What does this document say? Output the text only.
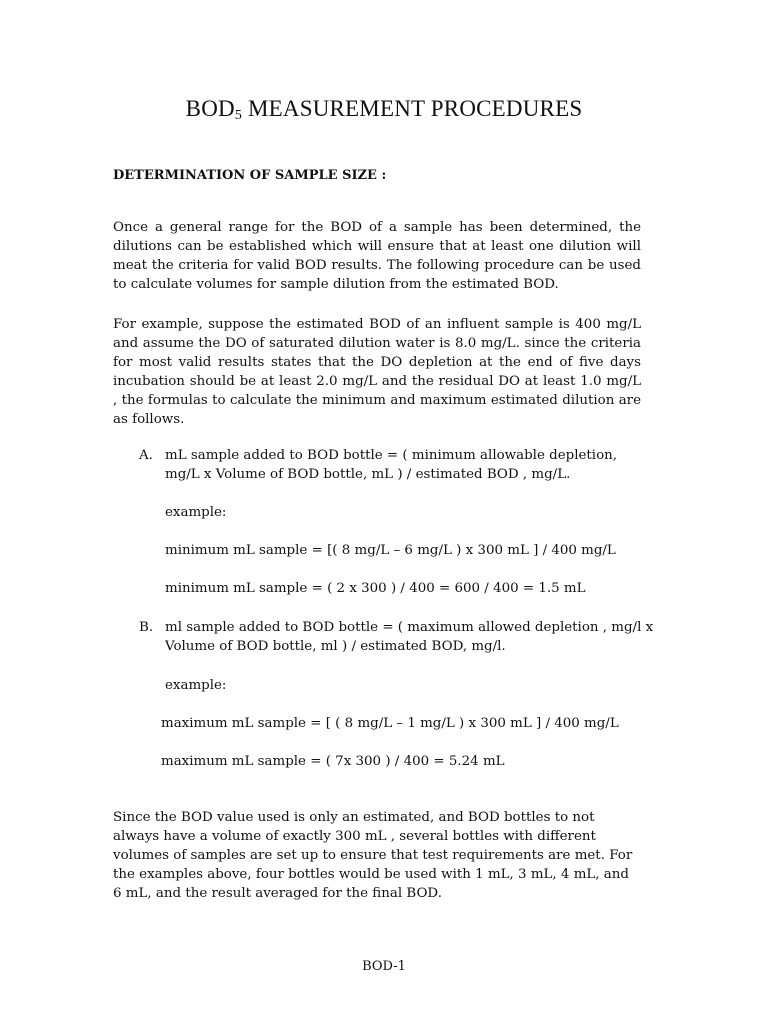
$BOD_5$ MEASUREMENT PROCEDURES
DETERMINATION OF SAMPLE SIZE :
Once a general range for the BOD of a sample has been determined, the dilutions can be established which will ensure that at least one dilution will meat the criteria for valid BOD results. The following procedure can be used to calculate volumes for sample dilution from the estimated BOD.
For example, suppose the estimated BOD of an influent sample is 400 mg/L and assume the DO of saturated dilution water is 8.0 mg/L. since the criteria for most valid results states that the DO depletion at the end of five days incubation should be at least 2.0 mg/L and the residual DO at least 1.0 mg/L , the formulas to calculate the minimum and maximum estimated dilution are as follows.
A. mL sample added to BOD bottle = ( minimum allowable depletion, mg/L x Volume of BOD bottle, mL ) / estimated BOD , mg/L.
example:
minimum mL sample = [( 8 mg/L – 6 mg/L ) x 300 mL ] / 400 mg/L
minimum mL sample = ( 2 x 300 ) / 400 = 600 / 400 = 1.5 mL
B. ml sample added to BOD bottle = ( maximum allowed depletion , mg/l x Volume of BOD bottle, ml ) / estimated BOD, mg/l.
example:
maximum mL sample = [ ( 8 mg/L – 1 mg/L ) x 300 mL ] / 400 mg/L
maximum mL sample = ( 7x 300 ) / 400 = 5.24 mL
Since the BOD value used is only an estimated, and BOD bottles to not always have a volume of exactly 300 mL , several bottles with different volumes of samples are set up to ensure that test requirements are met. For the examples above, four bottles would be used with 1 mL, 3 mL, 4 mL, and 6 mL, and the result averaged for the final BOD.
BOD-1
